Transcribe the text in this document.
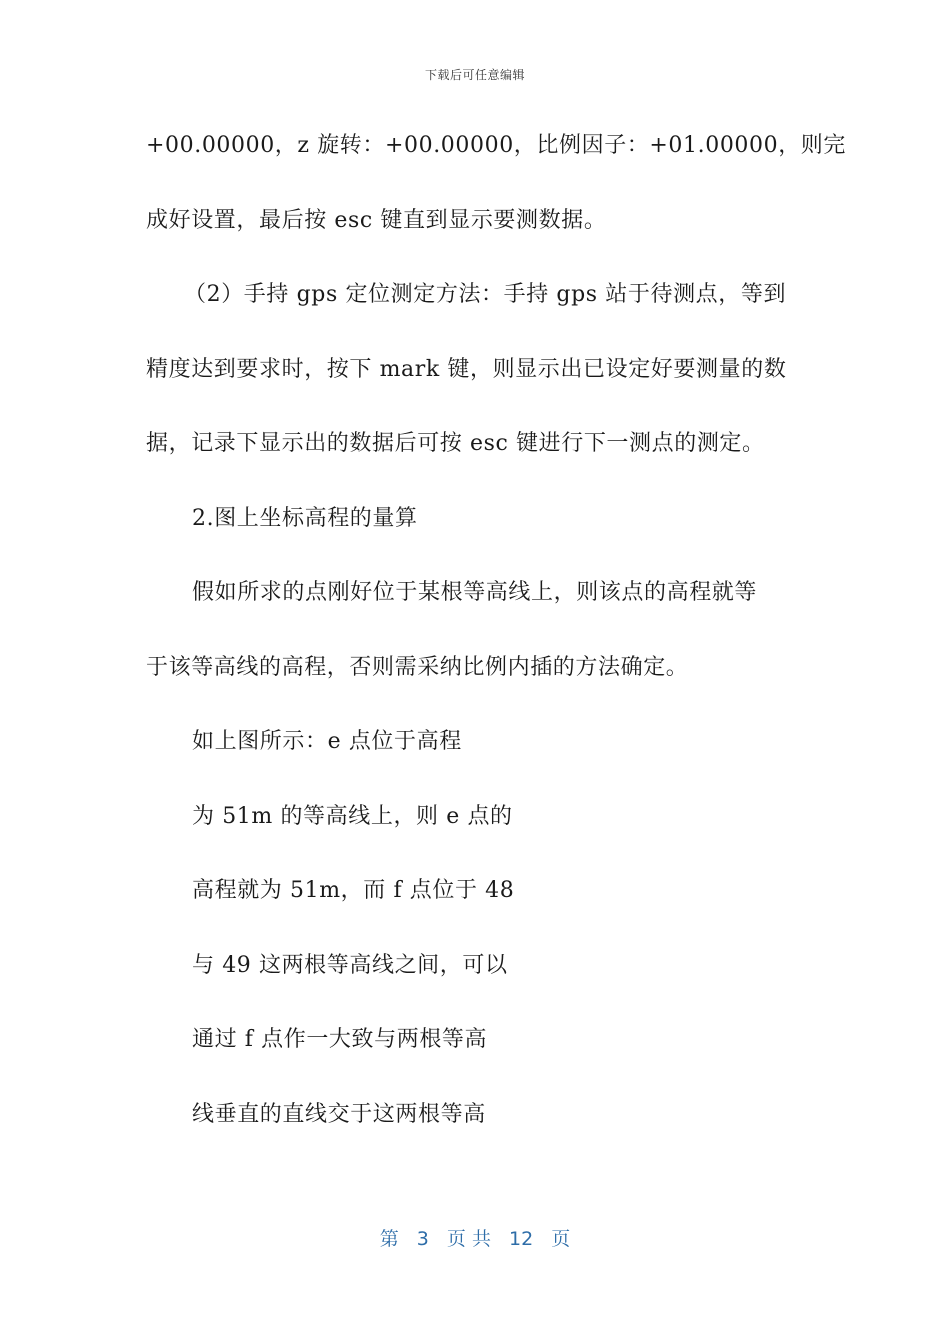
下载后可任意编辑
+00.00000，z 旋转：+00.00000，比例因子：+01.00000，则完
成好设置，最后按 esc 键直到显示要测数据。
（2）手持 gps 定位测定方法：手持 gps 站于待测点，等到
精度达到要求时，按下 mark 键，则显示出已设定好要测量的数
据，记录下显示出的数据后可按 esc 键进行下一测点的测定。
2.图上坐标高程的量算
假如所求的点刚好位于某根等高线上，则该点的高程就等
于该等高线的高程，否则需采纳比例内插的方法确定。
如上图所示：e 点位于高程
为 51m 的等高线上，则 e 点的
高程就为 51m，而 f 点位于 48
与 49 这两根等高线之间，可以
通过 f 点作一大致与两根等高
线垂直的直线交于这两根等高
第 3 页 共 12 页
